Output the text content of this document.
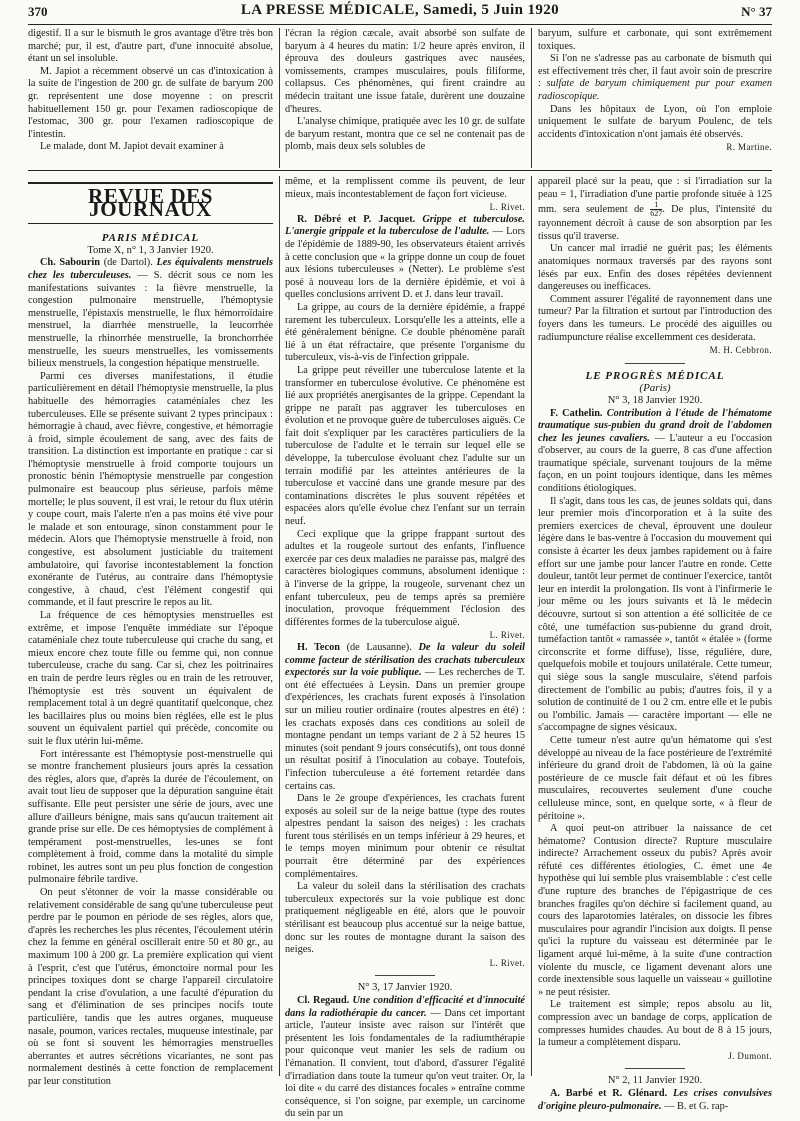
370	LA PRESSE MÉDICALE, Samedi, 5 Juin 1920	N° 37

digestif. Il a sur le bismuth le gros avantage d'être très bon marché; pur, il est, d'autre part, d'une innocuité absolue, étant un sel insoluble.

M. Japiot a récemment observé un cas d'intoxication à la suite de l'ingestion de 200 gr. de sulfate de baryum 200 gr. représentent une dose moyenne : on prescrit habituellement 150 gr. pour l'examen radioscopique de l'estomac, 300 gr. pour l'examen radioscopique de l'intestin.

Le malade, dont M. Japiot devait examiner à

l'écran la région cæcale, avait absorbé son sulfate de baryum à 4 heures du matin: 1/2 heure après environ, il éprouva des douleurs gastriques avec nausées, vomissements, crampes musculaires, pouls filiforme, collapsus. Ces phénomènes, qui firent craindre au médecin traitant une issue fatale, durèrent une douzaine d'heures.

L'analyse chimique, pratiquée avec les 10 gr. de sulfate de baryum restant, montra que ce sel ne contenait pas de plomb, mais deux sels solubles de

baryum, sulfure et carbonate, qui sont extrêmement toxiques.

Si l'on ne s'adresse pas au carbonate de bismuth qui est effectivement très cher, il faut avoir soin de prescrire : sulfate de baryum chimiquement pur pour examen radioscopique.

Dans les hôpitaux de Lyon, où l'on emploie uniquement le sulfate de baryum Poulenc, de tels accidents d'intoxication n'ont jamais été observés.

R. Martine.

REVUE DES JOURNAUX

PARIS MÉDICAL

Tome X, n° 1, 3 Janvier 1920.

Ch. Sabourin (de Dartol). Les équivalents menstruels chez les tuberculeuses. — S. décrit sous ce nom les manifestations suivantes : la fièvre menstruelle, la congestion pulmonaire menstruelle, l'hémoptysie menstruelle, l'épistaxis menstruelle, le flux hémorroïdaire menstruel, la diarrhée menstruelle, la leucorrhée menstruelle, la rhinorrhée menstruelle, la bronchorrhée menstruelle, les sueurs menstruelles, les vomissements bilieux menstruels, la congestion hépatique menstruelle.

Parmi ces diverses manifestations, il étudie particulièrement en détail l'hémoptysie menstruelle, la plus habituelle des hémorragies cataméniales chez les tuberculeuses. Elle se présente suivant 2 types principaux : hémorragie à chaud, avec fièvre, congestive, et hémorragie à froid, simple écoulement de sang, avec des faits de transition. La distinction est importante en pratique : car si l'hémoptysie menstruelle à froid comporte toujours un pronostic bénin l'hémoptysie menstruelle par congestion pulmonaire est beaucoup plus sérieuse, parfois même mortelle; le plus souvent, il est vrai, le retour du flux utérin y coupe court, mais l'alerte n'en a pas moins été vive pour le malade et son entourage, sinon constamment pour le médecin. Alors que l'hémoptysie menstruelle à froid, non congestive, est absolument justiciable du traitement ambulatoire, qui favorise incontestablement la fonction exonérante de l'utérus, au contraire dans l'hémoptysie congestive, à chaud, c'est l'élément congestif qui commande, et il faut prescrire le repos au lit.

La fréquence de ces hémoptysies menstruelles est extrême, et impose l'enquête immédiate sur l'époque cataméniale chez toute tuberculeuse qui crache du sang, et mieux encore chez toute fille ou femme qui, non connue tuberculeuse, crache du sang. Car si, chez les poitrinaires en train de perdre leurs règles ou en train de les retrouver, l'hémoptysie est très souvent un équivalent de remplacement total à un degré quantitatif quelconque, chez les bacillaires plus ou moins bien réglées, elle est le plus souvent un équivalent partiel qui précède, concomite ou suit le flux utérin lui-même.

Fort intéressante est l'hémoptysie post-menstruelle qui se montre franchement plusieurs jours après la cessation des règles, alors que, d'après la durée de l'écoulement, on avait tout lieu de supposer que la dépuration sanguine était suffisante. Elle peut persister une série de jours, avec une allure d'ailleurs bénigne, mais sans qu'aucun traitement ait grande prise sur elle. De ces hémoptysies de complément à tempérament post-menstruelles, les-unes se font complètement à froid, comme dans la motalité du simple robinet, les autres sont un peu plus fonction de congestion pulmonaire fébrile tardive.

On peut s'étonner de voir la masse considérable ou relativement considérable de sang qu'une tuberculeuse peut perdre par le poumon en période de ses règles, alors que, d'après les recherches les plus récentes, l'écoulement utérin chez la femme en général oscillerait entre 50 et 80 gr., au maximum 100 à 200 gr. La première explication qui vient à l'esprit, c'est que l'utérus, émonctoire normal pour les principes toxiques dont se charge l'appareil circulatoire pendant la crise d'ovulation, a une faculté d'épuration du sang et d'élimination de ses principes nocifs toute particulière, tandis que les autres organes, muqueuse nasale, poumon, varices rectales, muqueuse intestinale, par où se font si souvent les hémorragies menstruelles aberrantes et autres sécrétions vicariantes, ne sont pas normalement destinés à cette fonction de remplacement par leur constitution

même, et la remplissent comme ils peuvent, de leur mieux, mais incontestablement de façon fort vicieuse.

L. Rivet.

R. Débré et P. Jacquet. Grippe et tuberculose. L'anergie grippale et la tuberculose de l'adulte. — Lors de l'épidémie de 1889-90, les observateurs étaient arrivés à cette conclusion que « la grippe donne un coup de fouet aux lésions tuberculeuses » (Netter). Le problème s'est posé à nouveau lors de la dernière épidémie, et voi à quelles conclusions arrivent D. et J. dans leur travail.

La grippe, au cours de la dernière épidémie, a frappé rarement les tuberculeux. Lorsqu'elle les a atteints, elle a été généralement bénigne. Ce double phénomène paraît lié à un état réfractaire, que présente l'organisme du tuberculeux, vis-à-vis de l'infection grippale.

La grippe peut réveiller une tuberculose latente et la transformer en tuberculose évolutive. Ce phénomène est lié aux propriétés anergisantes de la grippe. Cependant la grippe ne paraît pas aggraver les tuberculoses en évolution et ne provoque guère de tuberculoses aiguës. Ce fait doit s'expliquer par les caractères particuliers de la tuberculose de l'adulte et le terrain sur lequel elle se développe, la tuberculose évoluant chez l'adulte sur un terrain modifié par les atteintes antérieures de la tuberculose et vacciné dans une grande mesure par des contaminations discrètes le plus souvent répétées et espacées alors qu'elle évolue chez l'enfant sur un terrain neuf.

Ceci explique que la grippe frappant surtout des adultes et la rougeole surtout des enfants, l'influence exercée par ces deux maladies ne paraisse pas, malgré des caractères biologiques communs, absolument identique : à l'inverse de la grippe, la rougeole, survenant chez un enfant tuberculeux, peu de temps après sa première inoculation, provoque fréquemment l'éclosion des différentes formes de la tuberculose aiguë.

L. Rivet.

H. Tecon (de Lausanne). De la valeur du soleil comme facteur de stérilisation des crachats tuberculeux expectorés sur la voie publique. — Les recherches de T. ont été effectuées à Leysin. Dans un premier groupe d'expériences, les crachats furent exposés à l'insolation sur un milieu routier ordinaire (routes alpestres en été) : les crachats exposés dans ces conditions au soleil de montagne pendant un temps variant de 2 à 52 heures 15 minutes (soit pendant 9 jours consécutifs), ont tous donné un résultat positif à l'inoculation au cobaye. Toutefois, l'infection tuberculeuse a été fortement retardée dans certains cas.

Dans le 2e groupe d'expériences, les crachats furent exposés au soleil sur de la neige battue (type des routes alpestres pendant la saison des neiges) : les crachats furent tous stérilisés en un temps inférieur à 29 heures, et le temps moyen minimum pour obtenir ce résultat pourrait être déterminé par des expériences complémentaires.

La valeur du soleil dans la stérilisation des crachats tuberculeux expectorés sur la voie publique est donc pratiquement négligeable en été, alors que le pouvoir stérilisant est beaucoup plus accentué sur la neige battue, donc sur les routes de montagne durant la saison des neiges.

L. Rivet.

N° 3, 17 Janvier 1920.

Cl. Regaud. Une condition d'efficacité et d'innocuité dans la radiothérapie du cancer. — Dans cet important article, l'auteur insiste avec raison sur l'intérêt que présentent les lois fondamentales de la radiumthérapie pour quiconque veut manier les sels de radium ou l'émanation. Il convient, tout d'abord, d'assurer l'égalité d'irradiation dans toute la tumeur qu'on veut traiter. Or, la loi dite « du carré des distances focales » entraîne comme conséquence, si l'on soigne, par exemple, un carcinome du sein par un

appareil placé sur la peau, que : si l'irradiation sur la peau = 1, l'irradiation d'une partie profonde située à 125 mm. sera seulement de $\frac{1}{627}$ . De plus, l'intensité du rayonnement décroît à cause de son absorption par les tissus qu'il traverse.

Un cancer mal irradié ne guérit pas; les éléments anatomiques normaux traversés par des rayons sont lésés par eux. Enfin des doses répétées deviennent dangereuses ou inefficaces.

Comment assurer l'égalité de rayonnement dans une tumeur? Par la filtration et surtout par l'introduction des foyers dans les tumeurs. Le procédé des aiguilles ou radiumpuncture réalise excellemment ces desiderata.

M. H. Cebbron.

LE PROGRÈS MÉDICAL

(Paris)

N° 3, 18 Janvier 1920.

F. Cathelin. Contribution à l'étude de l'hématome traumatique sus-pubien du grand droit de l'abdomen chez les jeunes cavaliers. — L'auteur a eu l'occasion d'observer, au cours de la guerre, 8 cas d'une affection traumatique spéciale, survenant toujours de la même façon, en un point toujours identique, dans les mêmes conditions étiologiques.

Il s'agit, dans tous les cas, de jeunes soldats qui, dans leur premier mois d'incorporation et à la suite des premiers exercices de cheval, éprouvent une douleur légère dans le bas-ventre à l'occasion du mouvement qui consiste à écarter les deux jambes rapidement ou à faire effort sur une jambe pour lancer l'autre en ronde. Cette douleur, tantôt leur permet de continuer l'exercice, tantôt leur en interdit la prolongation. Ils vont à l'infirmerie le jour même ou les jours suivants et là le médecin découvre, surtout si son attention a été sollicitée de ce côté, une tuméfaction sus-pubienne du grand droit, tuméfaction tantôt « ramassée », tantôt « étalée » (forme circonscrite et forme diffuse), lisse, régulière, dure, quelquefois mobile et toujours unilatérale. Cette tumeur, qui siège sous la sangle musculaire, s'étend parfois directement de l'ombilic au pubis; d'autres fois, il y a solution de continuité de 1 ou 2 cm. entre elle et le pubis ou l'ombilic. Jamais — caractère important — elle ne s'accompagne de signes vésicaux.

Cette tumeur n'est autre qu'un hématome qui s'est développé au niveau de la face postérieure de l'extrémité inférieure du grand droit de l'abdomen, là où la gaine postérieure de ce muscle fait défaut et où les fibres musculaires, recouvertes seulement d'une couche celluleuse mince, sont, en quelque sorte, « à fleur de péritoine ».

A quoi peut-on attribuer la naissance de cet hématome? Contusion directe? Rupture musculaire indirecte? Arrachement osseux du pubis? Après avoir réfuté ces différentes étiologies, C. émet une 4e hypothèse qui lui semble plus vraisemblable : c'est celle d'une rupture des branches de l'épigastrique de ces branches fragiles qu'on déchire si facilement quand, au cours des laparotomies latérales, on dissocie les fibres musculaires pour agrandir l'incision aux doigts. Il pense qu'ici la rupture du vaisseau est déterminée par le ligament arqué lui-même, à la suite d'une contraction violente du muscle, ce ligament devenant alors une corde inextensible sous laquelle un vaisseau « guillotine » ne peut résister.

Le traitement est simple; repos absolu au lit, compression avec un bandage de corps, application de compresses humides chaudes. Au bout de 8 à 15 jours, la tumeur a complètement disparu.

J. Dumont.

N° 2, 11 Janvier 1920.

A. Barbé et R. Glénard. Les crises convulsives d'origine pleuro-pulmonaire. — B. et G. rap-
